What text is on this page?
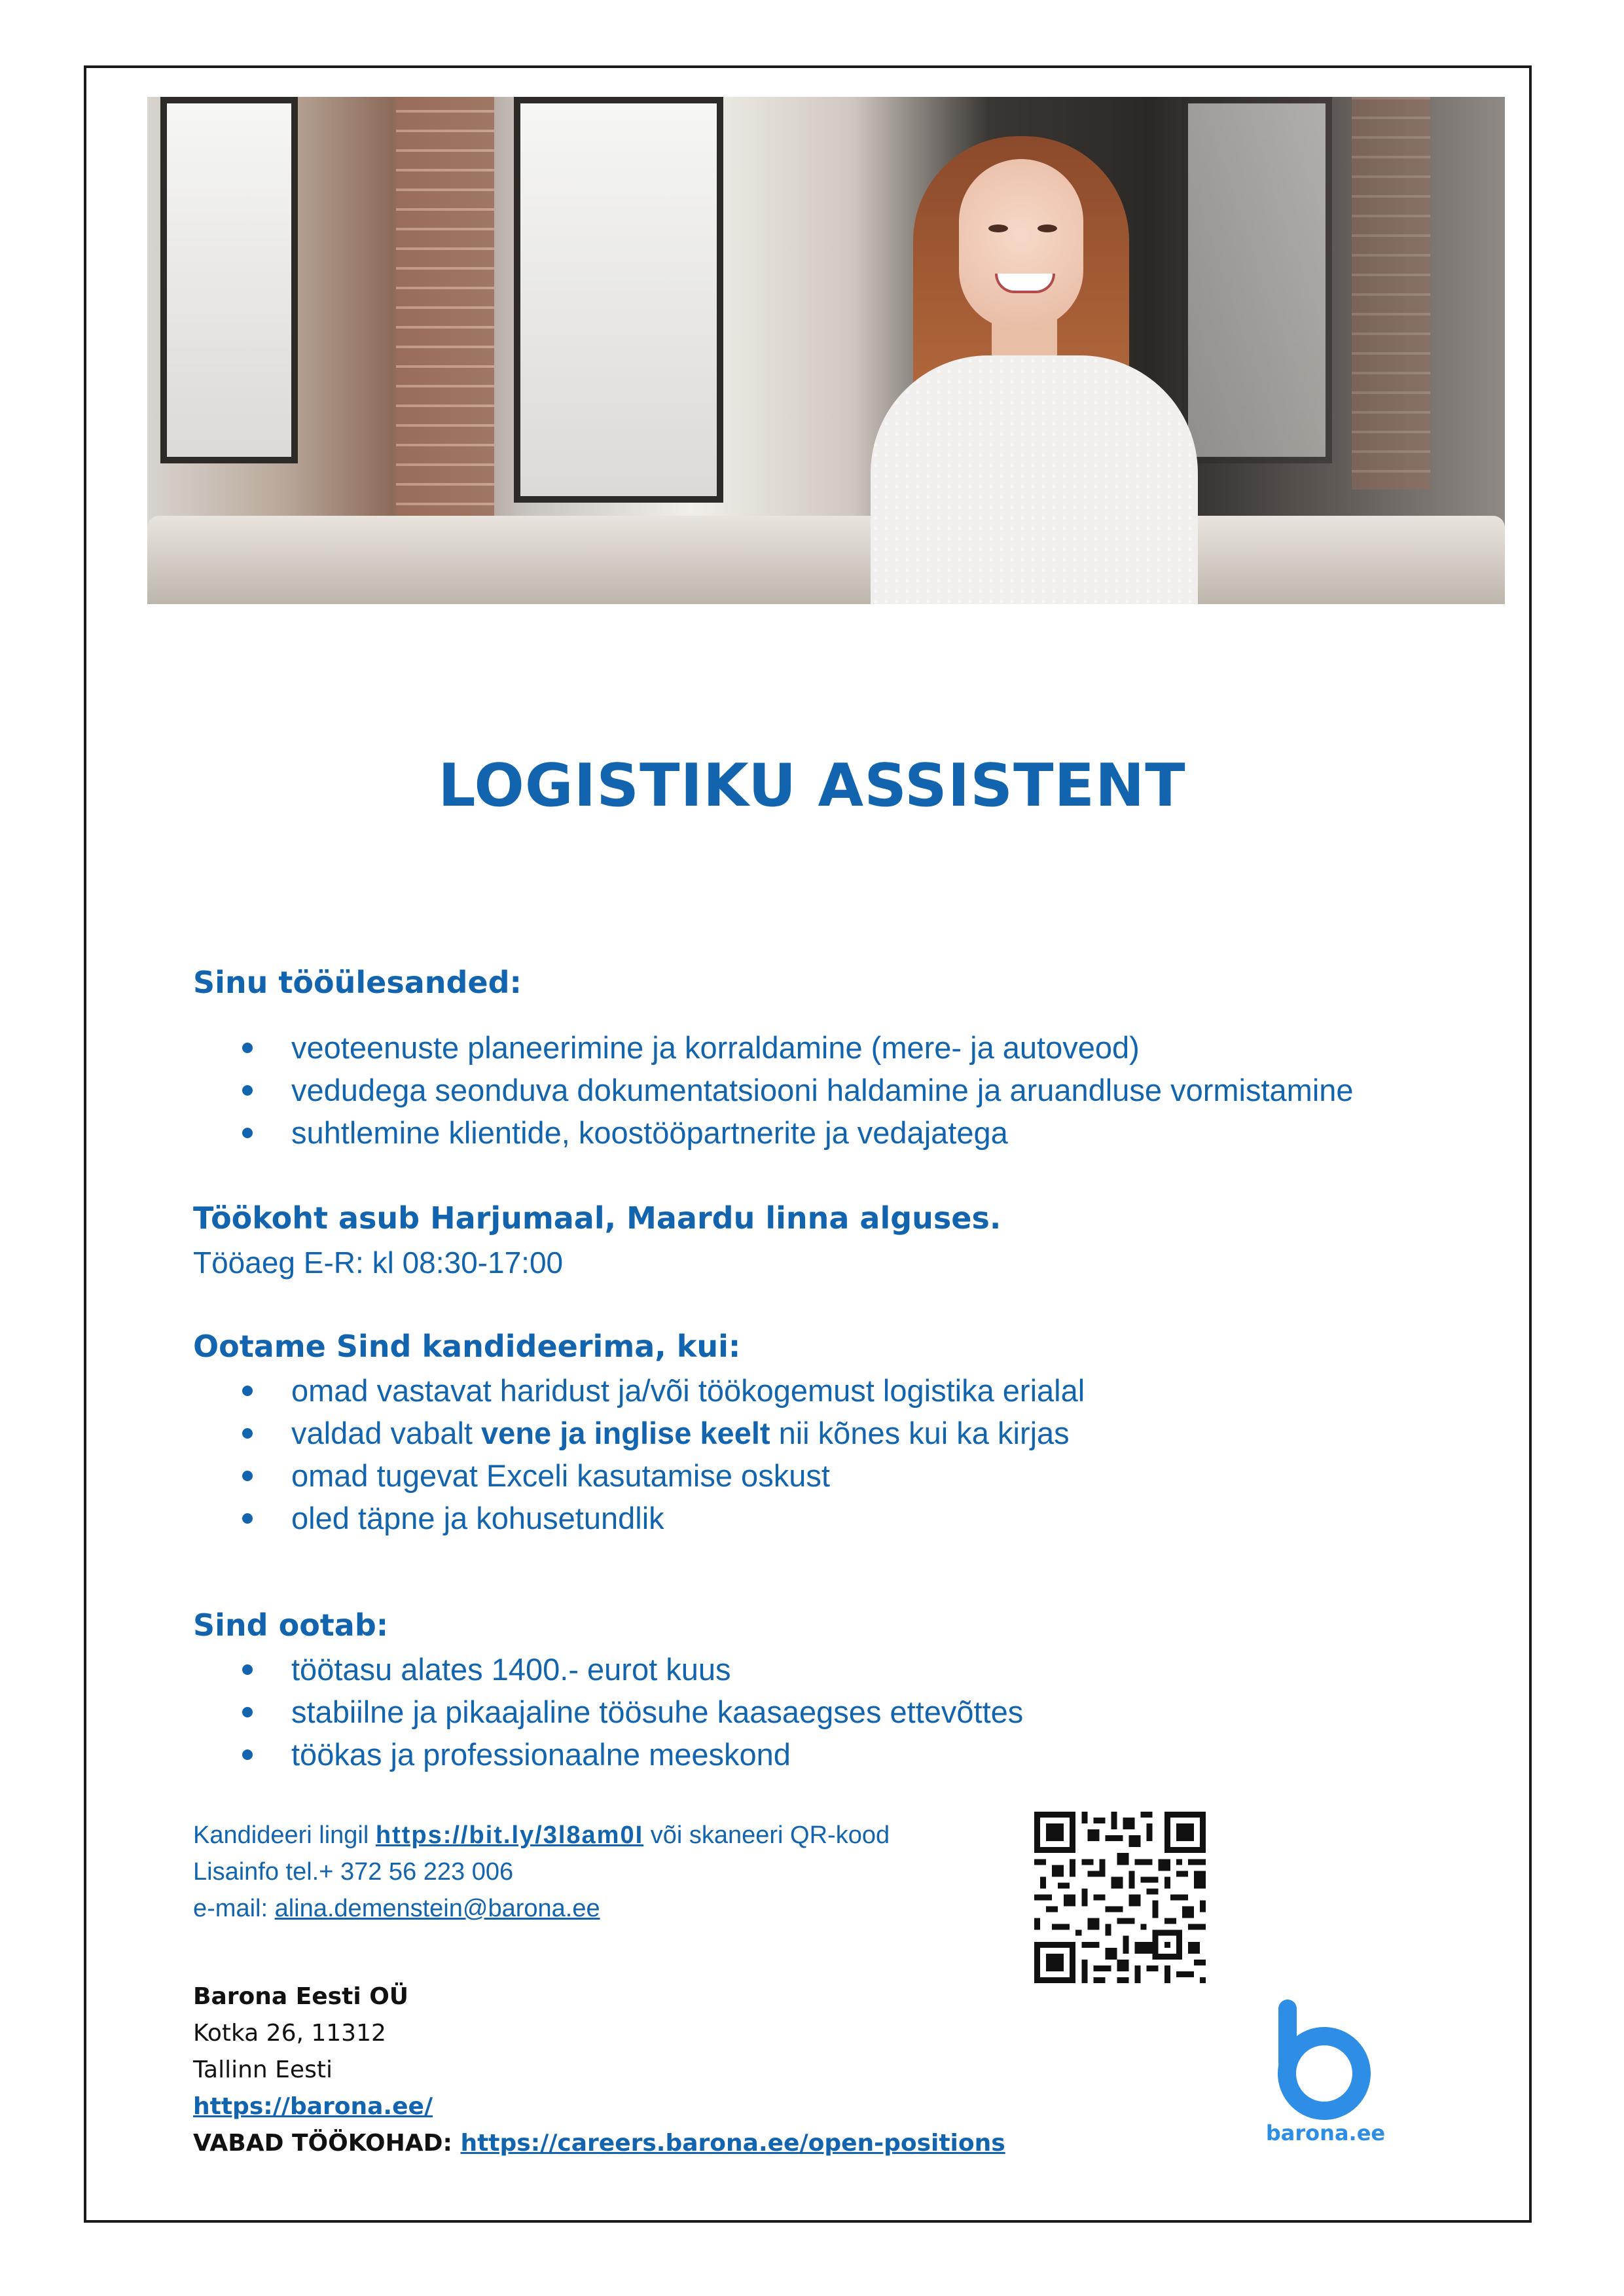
LOGISTIKU ASSISTENT

Sinu tööülesanded:

veoteenuste planeerimine ja korraldamine (mere- ja autoveod)
vedudega seonduva dokumentatsiooni haldamine ja aruandluse vormistamine
suhtlemine klientide, koostööpartnerite ja vedajatega

Töökoht asub Harjumaal, Maardu linna alguses.

Tööaeg E-R: kl 08:30-17:00

Ootame Sind kandideerima, kui:

omad vastavat haridust ja/või töökogemust logistika erialal
valdad vabalt vene ja inglise keelt nii kõnes kui ka kirjas
omad tugevat Exceli kasutamise oskust
oled täpne ja kohusetundlik

Sind ootab:

töötasu alates 1400.- eurot kuus
stabiilne ja pikaajaline töösuhe kaasaegses ettevõttes
töökas ja professionaalne meeskond
Kandideeri lingil https://bit.ly/3l8am0I või skaneeri QR-kood
Lisainfo tel.+ 372 56 223 006
e-mail: alina.demenstein@barona.ee
Barona Eesti OÜ
Kotka 26, 11312
Tallinn Eesti
https://barona.ee/
VABAD TÖÖKOHAD: https://careers.barona.ee/open-positions	barona.ee
